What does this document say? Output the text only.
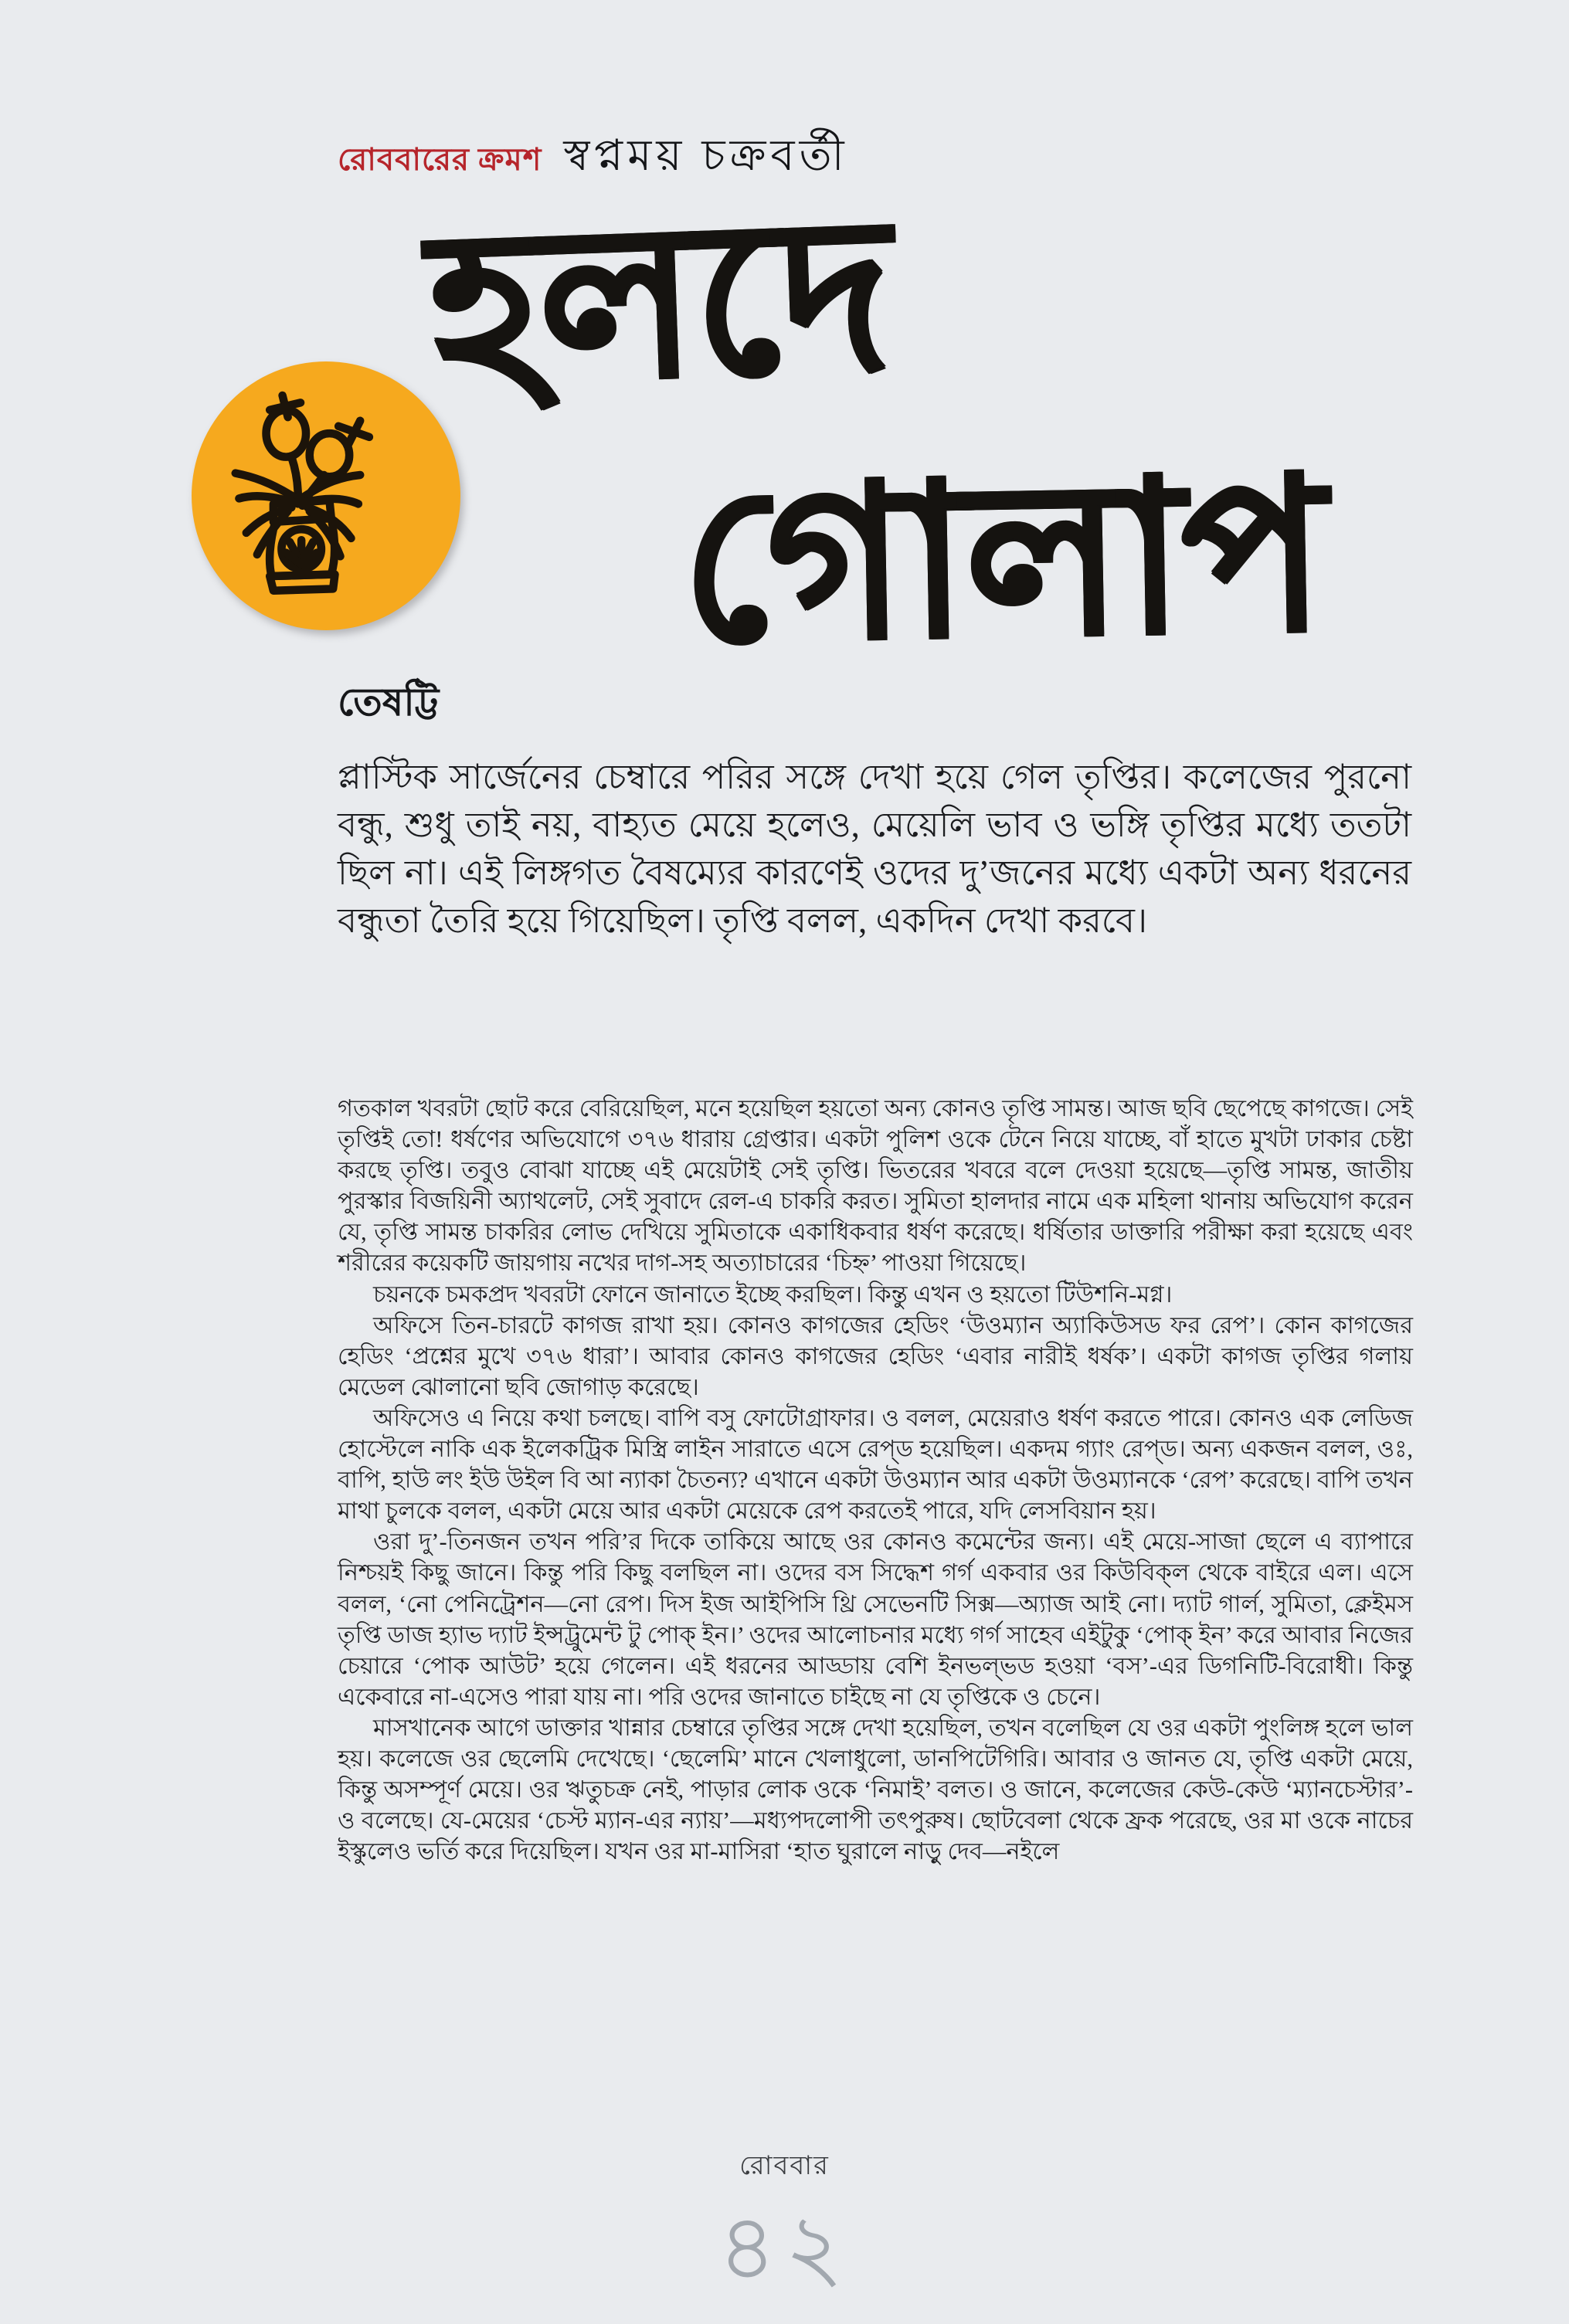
রোববারের ক্রমশ স্বপ্নময় চক্রবর্তী
হলদে
গোলাপ
তেষট্টি
প্লাস্টিক সার্জেনের চেম্বারে পরির সঙ্গে দেখা হয়ে গেল তৃপ্তির। কলেজের পুরনো বন্ধু, শুধু তাই নয়, বাহ্যত মেয়ে হলেও, মেয়েলি ভাব ও ভঙ্গি তৃপ্তির মধ্যে ততটা ছিল না। এই লিঙ্গগত বৈষম্যের কারণেই ওদের দু’জনের মধ্যে একটা অন্য ধরনের বন্ধুতা তৈরি হয়ে গিয়েছিল। তৃপ্তি বলল, একদিন দেখা করবে।

গতকাল খবরটা ছোট করে বেরিয়েছিল, মনে হয়েছিল হয়তো অন্য কোনও তৃপ্তি সামন্ত। আজ ছবি ছেপেছে কাগজে। সেই তৃপ্তিই তো! ধর্ষণের অভিযোগে ৩৭৬ ধারায় গ্রেপ্তার। একটা পুলিশ ওকে টেনে নিয়ে যাচ্ছে, বাঁ হাতে মুখটা ঢাকার চেষ্টা করছে তৃপ্তি। তবুও বোঝা যাচ্ছে এই মেয়েটাই সেই তৃপ্তি। ভিতরের খবরে বলে দেওয়া হয়েছে—তৃপ্তি সামন্ত, জাতীয় পুরস্কার বিজয়িনী অ্যাথলেট, সেই সুবাদে রেল-এ চাকরি করত। সুমিতা হালদার নামে এক মহিলা থানায় অভিযোগ করেন যে, তৃপ্তি সামন্ত চাকরির লোভ দেখিয়ে সুমিতাকে একাধিকবার ধর্ষণ করেছে। ধর্ষিতার ডাক্তারি পরীক্ষা করা হয়েছে এবং শরীরের কয়েকটি জায়গায় নখের দাগ-সহ অত্যাচারের ‘চিহ্ন’ পাওয়া গিয়েছে।

চয়নকে চমকপ্রদ খবরটা ফোনে জানাতে ইচ্ছে করছিল। কিন্তু এখন ও হয়তো টিউশনি-মগ্ন।

অফিসে তিন-চারটে কাগজ রাখা হয়। কোনও কাগজের হেডিং ‘উওম্যান অ্যাকিউসড ফর রেপ’। কোন কাগজের হেডিং ‘প্রশ্নের মুখে ৩৭৬ ধারা’। আবার কোনও কাগজের হেডিং ‘এবার নারীই ধর্ষক’। একটা কাগজ তৃপ্তির গলায় মেডেল ঝোলানো ছবি জোগাড় করেছে।

অফিসেও এ নিয়ে কথা চলছে। বাপি বসু ফোটোগ্রাফার। ও বলল, মেয়েরাও ধর্ষণ করতে পারে। কোনও এক লেডিজ হোস্টেলে নাকি এক ইলেকট্রিক মিস্ত্রি লাইন সারাতে এসে রেপ্‌ড হয়েছিল। একদম গ্যাং রেপ্‌ড। অন্য একজন বলল, ওঃ, বাপি, হাউ লং ইউ উইল বি আ ন্যাকা চৈতন্য? এখানে একটা উওম্যান আর একটা উওম্যানকে ‘রেপ’ করেছে। বাপি তখন মাথা চুলকে বলল, একটা মেয়ে আর একটা মেয়েকে রেপ করতেই পারে, যদি লেসবিয়ান হয়।

ওরা দু’-তিনজন তখন পরি’র দিকে তাকিয়ে আছে ওর কোনও কমেন্টের জন্য। এই মেয়ে-সাজা ছেলে এ ব্যাপারে নিশ্চয়ই কিছু জানে। কিন্তু পরি কিছু বলছিল না। ওদের বস সিদ্ধেশ গর্গ একবার ওর কিউবিক্‌ল থেকে বাইরে এল। এসে বলল, ‘নো পেনিট্রেশন—নো রেপ। দিস ইজ আইপিসি থ্রি সেভেনটি সিক্স—অ্যাজ আই নো। দ্যাট গার্ল, সুমিতা, ক্লেইমস তৃপ্তি ডাজ হ্যাভ দ্যাট ইন্সট্রুমেন্ট টু পোক্‌ ইন।’ ওদের আলোচনার মধ্যে গর্গ সাহেব এইটুকু ‘পোক্‌ ইন’ করে আবার নিজের চেয়ারে ‘পোক আউট’ হয়ে গেলেন। এই ধরনের আড্ডায় বেশি ইনভল্‌ভড হওয়া ‘বস’-এর ডিগনিটি-বিরোধী। কিন্তু একেবারে না-এসেও পারা যায় না। পরি ওদের জানাতে চাইছে না যে তৃপ্তিকে ও চেনে।

মাসখানেক আগে ডাক্তার খান্নার চেম্বারে তৃপ্তির সঙ্গে দেখা হয়েছিল, তখন বলেছিল যে ওর একটা পুংলিঙ্গ হলে ভাল হয়। কলেজে ওর ছেলেমি দেখেছে। ‘ছেলেমি’ মানে খেলাধুলো, ডানপিটেগিরি। আবার ও জানত যে, তৃপ্তি একটা মেয়ে, কিন্তু অসম্পূর্ণ মেয়ে। ওর ঋতুচক্র নেই, পাড়ার লোক ওকে ‘নিমাই’ বলত। ও জানে, কলেজের কেউ-কেউ ‘ম্যানচেস্টার’-ও বলেছে। যে-মেয়ের ‘চেস্ট ম্যান-এর ন্যায়’—মধ্যপদলোপী তৎপুরুষ। ছোটবেলা থেকে ফ্রক পরেছে, ওর মা ওকে নাচের ইস্কুলেও ভর্তি করে দিয়েছিল। যখন ওর মা-মাসিরা ‘হাত ঘুরালে নাড়ু দেব—নইলে

রোববার
৪২
